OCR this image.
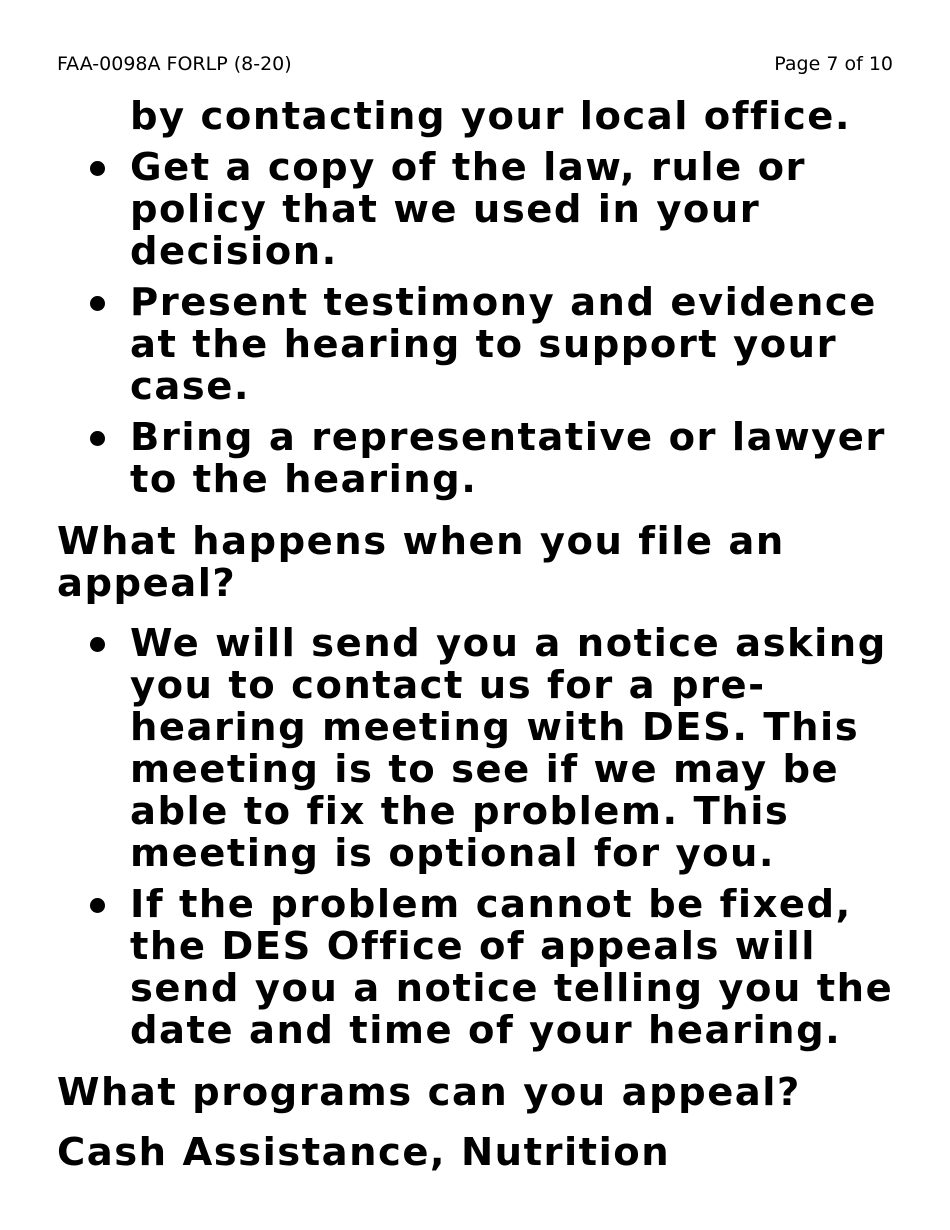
FAA-0098A FORLP (8-20)	Page 7 of 10

by contacting your local office.

Get a copy of the law, rule or policy that we used in your decision.
Present testimony and evidence at the hearing to support your case.
Bring a representative or lawyer to the hearing.
What happens when you file an appeal?
We will send you a notice asking you to contact us for a pre-hearing meeting with DES. This meeting is to see if we may be able to fix the problem. This meeting is optional for you.
If the problem cannot be fixed, the DES Office of appeals will send you a notice telling you the date and time of your hearing.
What programs can you appeal?

Cash Assistance, Nutrition
